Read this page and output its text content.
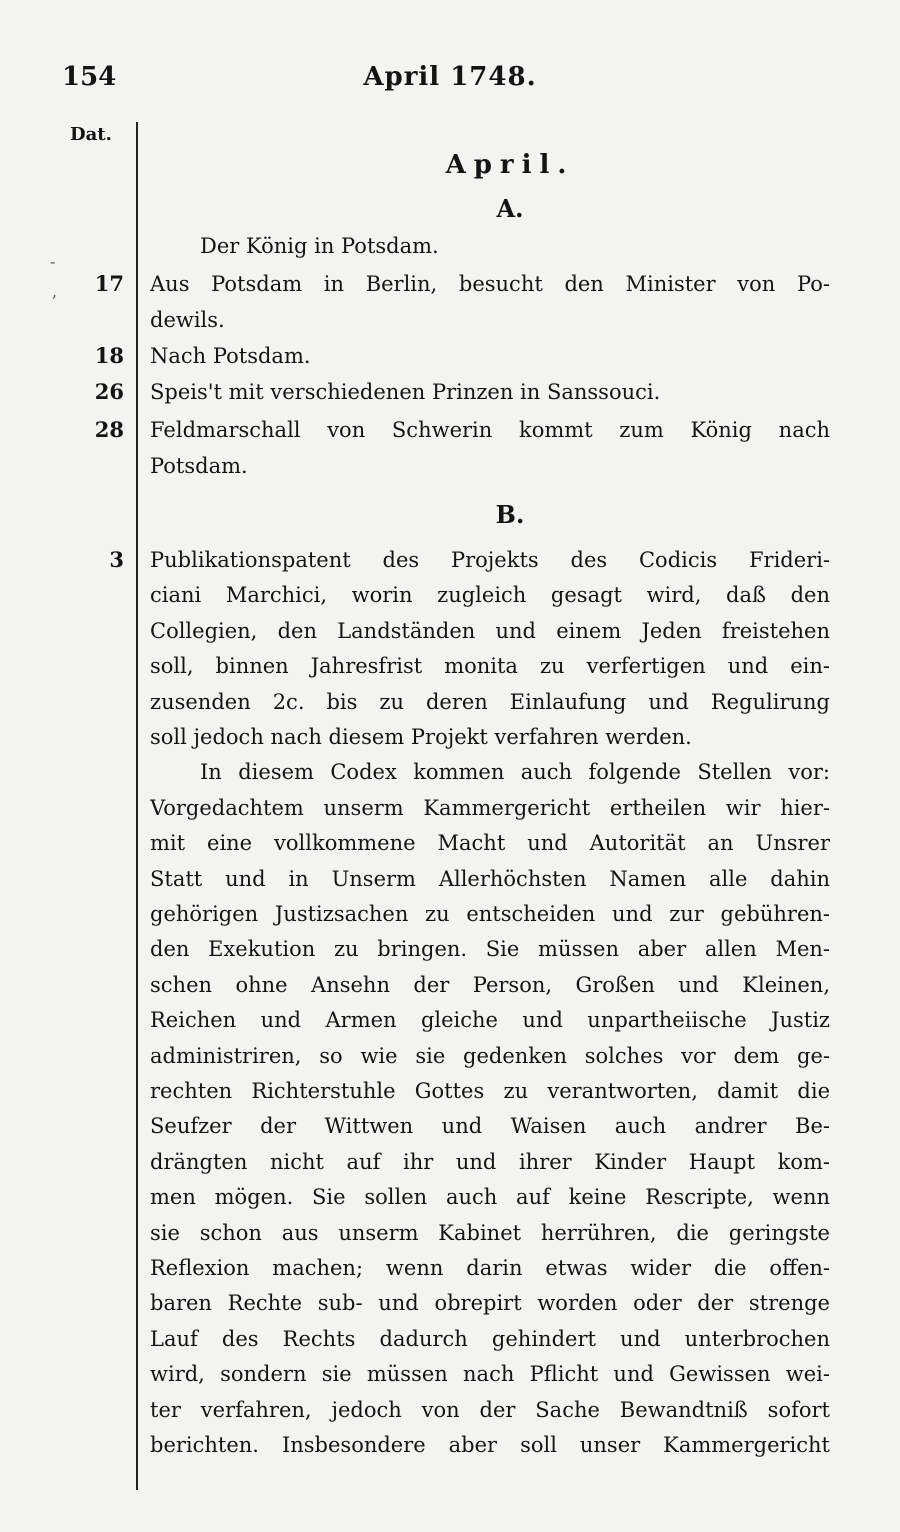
154	April 1748.
Dat.
April.
A.
Der König in Potsdam.
17 Aus Potsdam in Berlin, besucht den Minister von Po-
dewils.
18 Nach Potsdam.
26 Speis't mit verschiedenen Prinzen in Sanssouci.
28 Feldmarschall von Schwerin kommt zum König nach
Potsdam.
B.
3 Publikationspatent des Projekts des Codicis Frideri-
ciani Marchici, worin zugleich gesagt wird, daß den
Collegien, den Landständen und einem Jeden freistehen
soll, binnen Jahresfrist monita zu verfertigen und ein-
zusenden 2c. bis zu deren Einlaufung und Regulirung
soll jedoch nach diesem Projekt verfahren werden.
In diesem Codex kommen auch folgende Stellen vor:
Vorgedachtem unserm Kammergericht ertheilen wir hier-
mit eine vollkommene Macht und Autorität an Unsrer
Statt und in Unserm Allerhöchsten Namen alle dahin
gehörigen Justizsachen zu entscheiden und zur gebühren-
den Exekution zu bringen. Sie müssen aber allen Men-
schen ohne Ansehn der Person, Großen und Kleinen,
Reichen und Armen gleiche und unpartheiische Justiz
administriren, so wie sie gedenken solches vor dem ge-
rechten Richterstuhle Gottes zu verantworten, damit die
Seufzer der Wittwen und Waisen auch andrer Be-
drängten nicht auf ihr und ihrer Kinder Haupt kom-
men mögen. Sie sollen auch auf keine Rescripte, wenn
sie schon aus unserm Kabinet herrühren, die geringste
Reflexion machen; wenn darin etwas wider die offen-
baren Rechte sub- und obrepirt worden oder der strenge
Lauf des Rechts dadurch gehindert und unterbrochen
wird, sondern sie müssen nach Pflicht und Gewissen wei-
ter verfahren, jedoch von der Sache Bewandtniß sofort
berichten. Insbesondere aber soll unser Kammergericht
-
,
